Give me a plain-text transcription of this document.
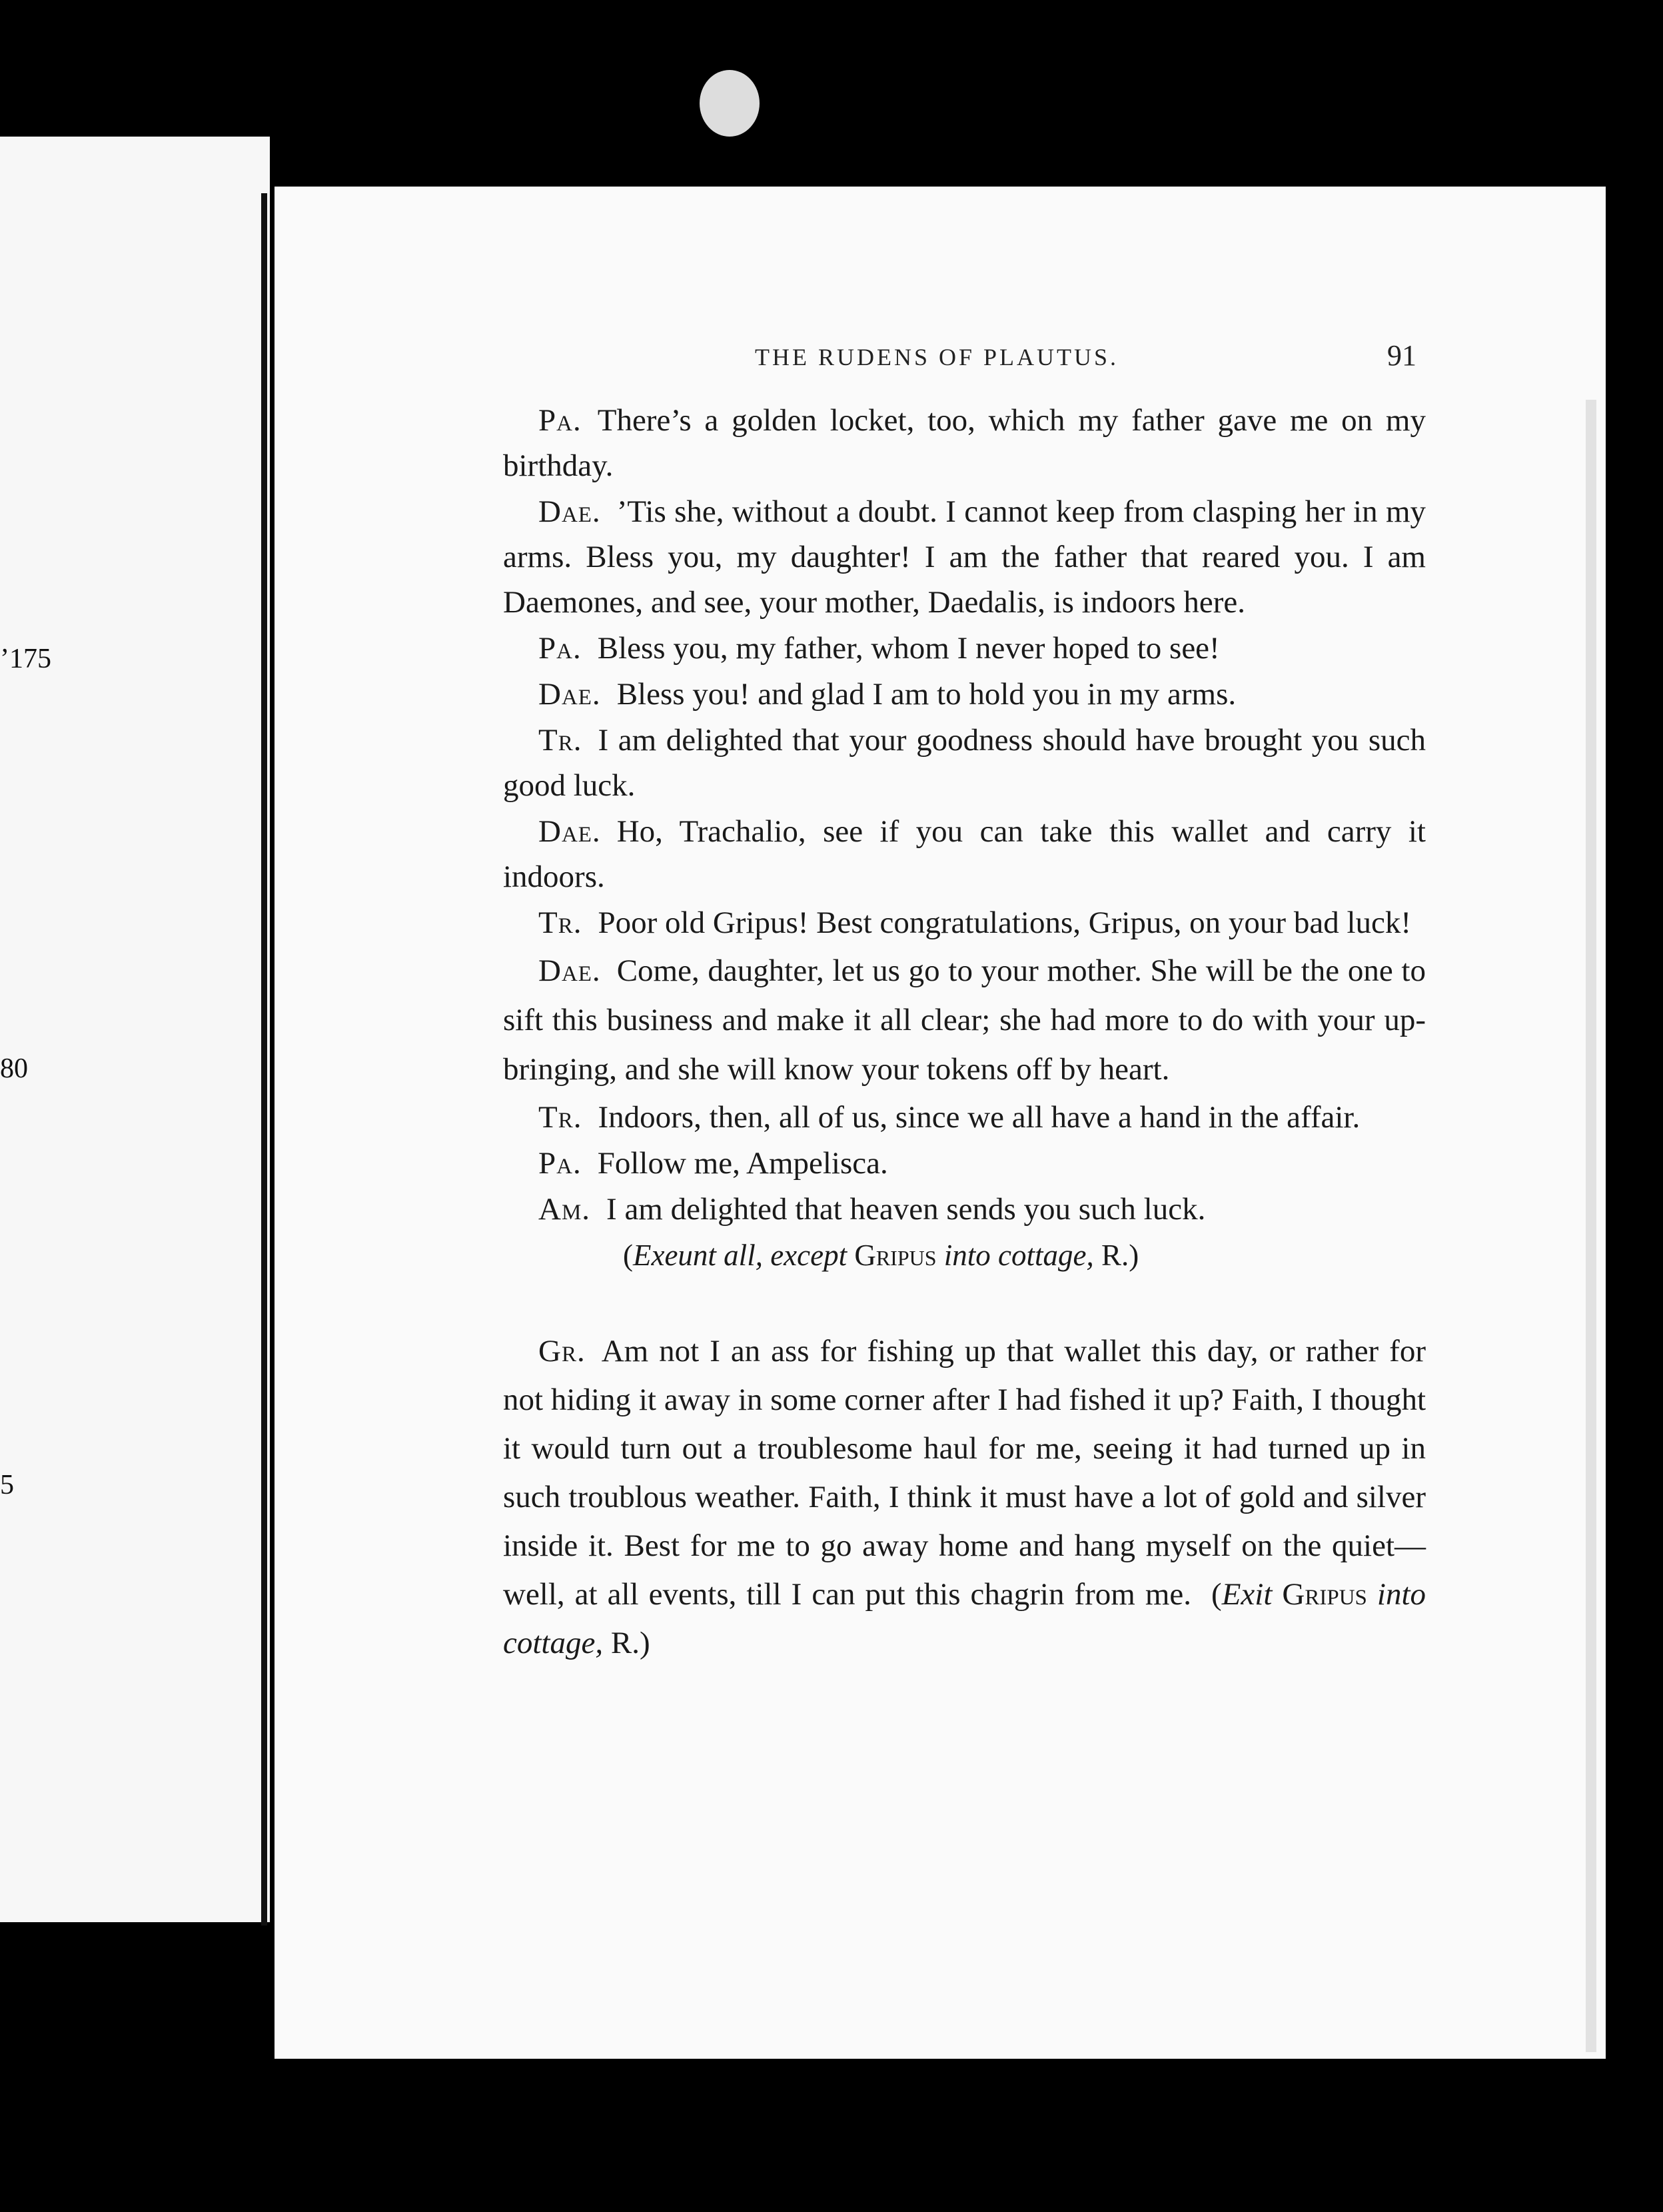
’175
80
5
THE RUDENS OF PLAUTUS.	91

Pa. There’s a golden locket, too, which my father gave me on my birthday.

Dae. ’Tis she, without a doubt. I cannot keep from clasping her in my arms. Bless you, my daughter! I am the father that reared you. I am Daemones, and see, your mother, Daedalis, is indoors here.

Pa. Bless you, my father, whom I never hoped to see!

Dae. Bless you! and glad I am to hold you in my arms.

Tr. I am delighted that your goodness should have brought you such good luck.

Dae. Ho, Trachalio, see if you can take this wallet and carry it indoors.

Tr. Poor old Gripus! Best congratulations, Gripus, on your bad luck!

Dae. Come, daughter, let us go to your mother. She will be the one to sift this business and make it all clear; she had more to do with your up-bringing, and she will know your tokens off by heart.

Tr. Indoors, then, all of us, since we all have a hand in the affair.

Pa. Follow me, Ampelisca.

Am. I am delighted that heaven sends you such luck.

(Exeunt all, except Gripus into cottage, R.)

Gr. Am not I an ass for fishing up that wallet this day, or rather for not hiding it away in some corner after I had fished it up? Faith, I thought it would turn out a troublesome haul for me, seeing it had turned up in such troublous weather. Faith, I think it must have a lot of gold and silver inside it. Best for me to go away home and hang myself on the quiet—well, at all events, till I can put this chagrin from me. (Exit Gripus into cottage, R.)
